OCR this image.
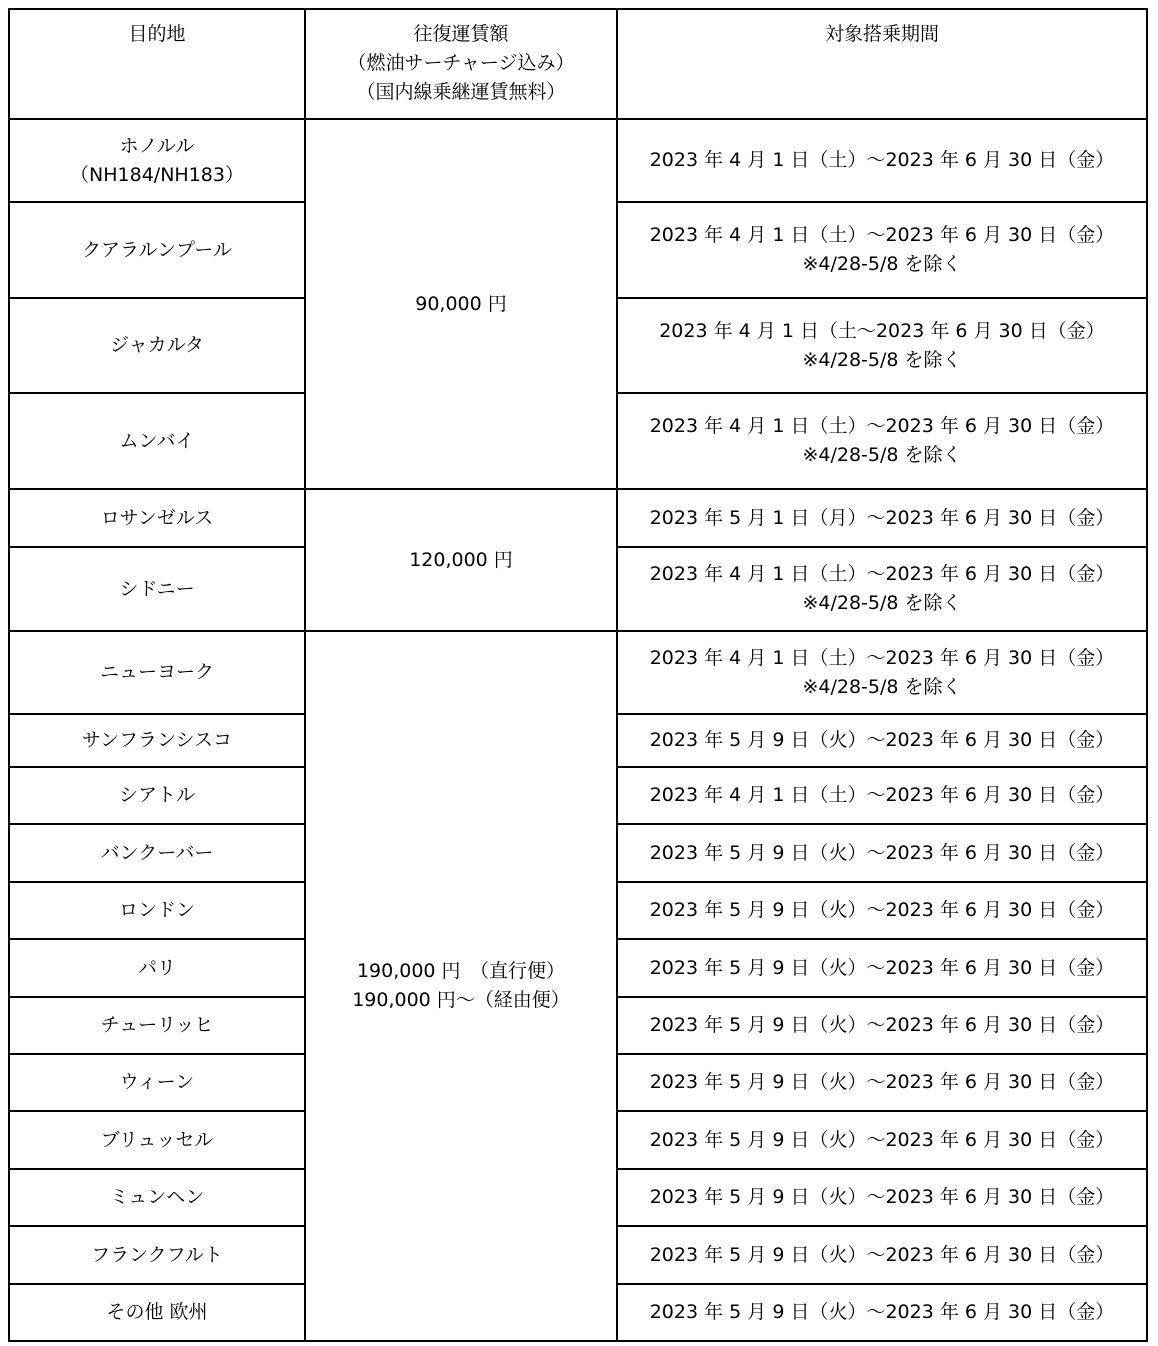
目的地	往復運賃額
（燃油サーチャージ込み）
（国内線乗継運賃無料）	対象搭乗期間

ホノルル
（NH184/NH183）	90,000 円	2023 年 4 月 1 日（土）～2023 年 6 月 30 日（金）

クアラルンプール		2023 年 4 月 1 日（土）～2023 年 6 月 30 日（金）
※4/28-5/8 を除く

ジャカルタ		2023 年 4 月 1 日（土～2023 年 6 月 30 日（金）
※4/28-5/8 を除く

ムンバイ		2023 年 4 月 1 日（土）～2023 年 6 月 30 日（金）
※4/28-5/8 を除く

ロサンゼルス	120,000 円	2023 年 5 月 1 日（月）～2023 年 6 月 30 日（金）

シドニー		2023 年 4 月 1 日（土）～2023 年 6 月 30 日（金）
※4/28-5/8 を除く

ニューヨーク	190,000 円　（直行便）
190,000 円～（経由便）	2023 年 4 月 1 日（土）～2023 年 6 月 30 日（金）
※4/28-5/8 を除く

サンフランシスコ		2023 年 5 月 9 日（火）～2023 年 6 月 30 日（金）
シアトル		2023 年 4 月 1 日（土）～2023 年 6 月 30 日（金）
バンクーバー		2023 年 5 月 9 日（火）～2023 年 6 月 30 日（金）
ロンドン		2023 年 5 月 9 日（火）～2023 年 6 月 30 日（金）
パリ		2023 年 5 月 9 日（火）～2023 年 6 月 30 日（金）
チューリッヒ		2023 年 5 月 9 日（火）～2023 年 6 月 30 日（金）
ウィーン		2023 年 5 月 9 日（火）～2023 年 6 月 30 日（金）
ブリュッセル		2023 年 5 月 9 日（火）～2023 年 6 月 30 日（金）
ミュンヘン		2023 年 5 月 9 日（火）～2023 年 6 月 30 日（金）
フランクフルト		2023 年 5 月 9 日（火）～2023 年 6 月 30 日（金）
その他 欧州		2023 年 5 月 9 日（火）～2023 年 6 月 30 日（金）
